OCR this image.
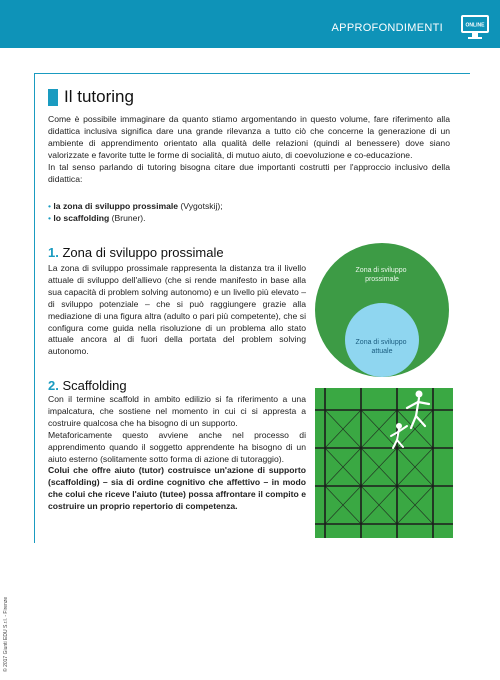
APPROFONDIMENTI	ONLINE
Il tutoring

Come è possibile immaginare da quanto stiamo argomentando in questo volume, fare riferimento alla didattica inclusiva significa dare una grande rilevanza a tutto ciò che concerne la generazione di un ambiente di apprendimento orientato alla qualità delle relazioni (quindi al benessere) dove siano valorizzate e favorite tutte le forme di socialità, di mutuo aiuto, di coevoluzione e co-educazione.
In tal senso parlando di tutoring bisogna citare due importanti costrutti per l'approccio inclusivo della didattica:

• la zona di sviluppo prossimale (Vygotskij);
• lo scaffolding (Bruner).
1. Zona di sviluppo prossimale

La zona di sviluppo prossimale rappresenta la distanza tra il livello attuale di sviluppo dell'allievo (che si rende manifesto in base alla sua capacità di problem solving autonomo) e un livello più elevato – di sviluppo potenziale – che si può raggiungere grazie alla mediazione di una figura altra (adulto o pari più competente), che si configura come guida nella risoluzione di un problema allo stato attuale ancora al di fuori della portata del problem solving autonomo.

Zona di sviluppo prossimale
Zona di sviluppo attuale
2. Scaffolding

Con il termine scaffold in ambito edilizio si fa riferimento a una impalcatura, che sostiene nel momento in cui ci si appresta a costruire qualcosa che ha bisogno di un supporto.
Metaforicamente questo avviene anche nel processo di apprendimento quando il soggetto apprendente ha bisogno di un aiuto esterno (solitamente sotto forma di azione di tutoraggio).
Colui che offre aiuto (tutor) costruisce un'azione di supporto (scaffolding) – sia di ordine cognitivo che affettivo – in modo che colui che riceve l'aiuto (tutee) possa affrontare il compito e costruire un proprio repertorio di competenza.

© 2017 Giunti EDU S.r.l. - Firenze
